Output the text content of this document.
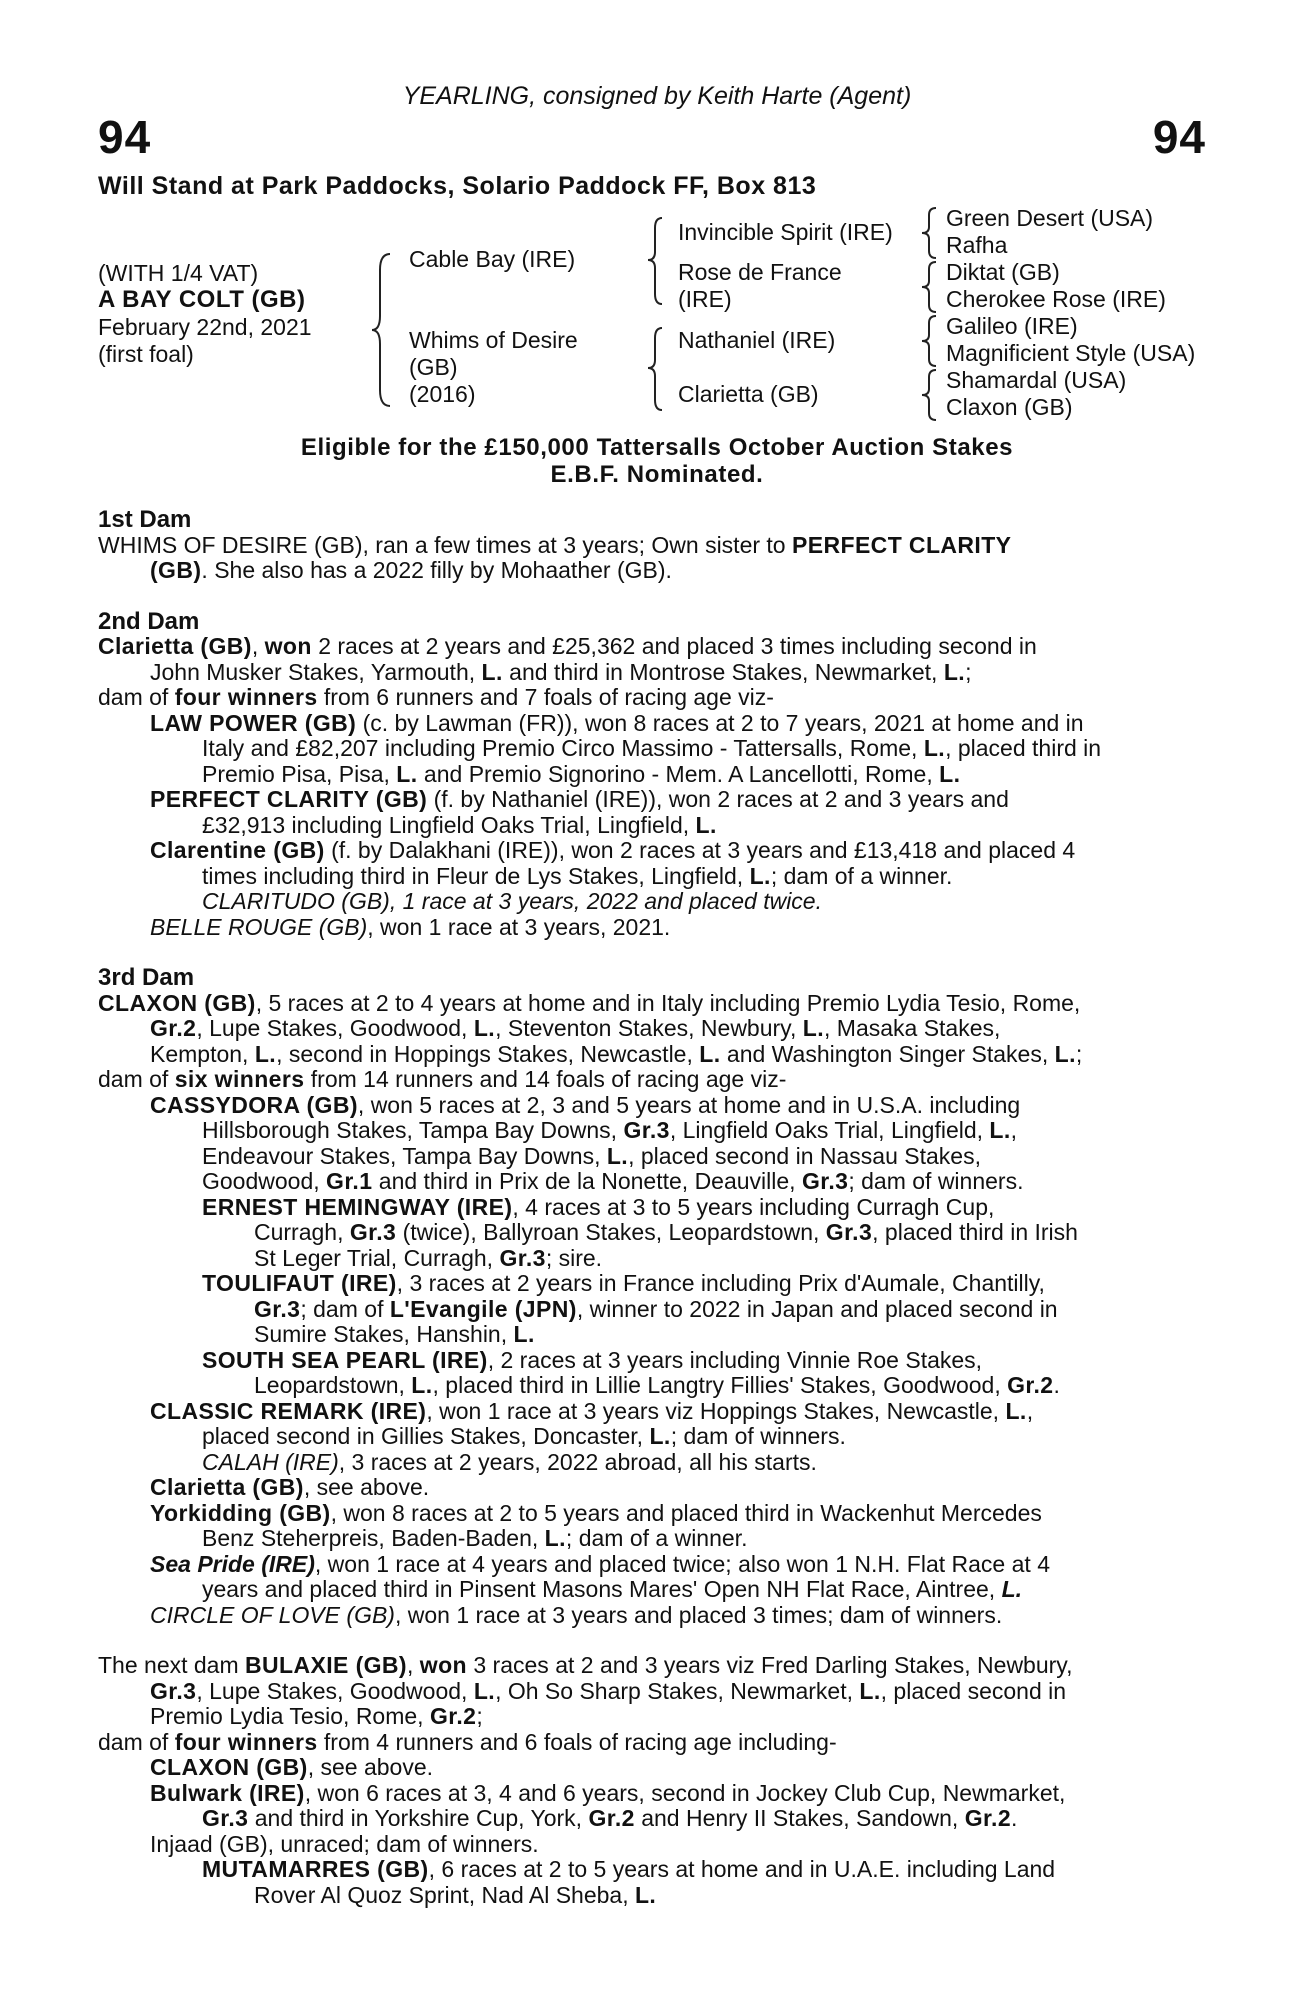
YEARLING, consigned by Keith Harte (Agent)
94	94
Will Stand at Park Paddocks, Solario Paddock FF, Box 813
(WITH 1/4 VAT)
A BAY COLT (GB)
February 22nd, 2021
(first foal)
Cable Bay (IRE)
Whims of Desire
(GB)
(2016)
Invincible Spirit (IRE)
Rose de France
(IRE)
Nathaniel (IRE)
Clarietta (GB)
Green Desert (USA)
Rafha
Diktat (GB)
Cherokee Rose (IRE)
Galileo (IRE)
Magnificient Style (USA)
Shamardal (USA)
Claxon (GB)
Eligible for the £150,000 Tattersalls October Auction Stakes
E.B.F. Nominated.

1st Dam

WHIMS OF DESIRE (GB), ran a few times at 3 years; Own sister to PERFECT CLARITY

(GB). She also has a 2022 filly by Mohaather (GB).

2nd Dam

Clarietta (GB), won 2 races at 2 years and £25,362 and placed 3 times including second in

John Musker Stakes, Yarmouth, L. and third in Montrose Stakes, Newmarket, L.;

dam of four winners from 6 runners and 7 foals of racing age viz-

LAW POWER (GB) (c. by Lawman (FR)), won 8 races at 2 to 7 years, 2021 at home and in

Italy and £82,207 including Premio Circo Massimo - Tattersalls, Rome, L., placed third in

Premio Pisa, Pisa, L. and Premio Signorino - Mem. A Lancellotti, Rome, L.

PERFECT CLARITY (GB) (f. by Nathaniel (IRE)), won 2 races at 2 and 3 years and

£32,913 including Lingfield Oaks Trial, Lingfield, L.

Clarentine (GB) (f. by Dalakhani (IRE)), won 2 races at 3 years and £13,418 and placed 4

times including third in Fleur de Lys Stakes, Lingfield, L.; dam of a winner.

CLARITUDO (GB), 1 race at 3 years, 2022 and placed twice.

BELLE ROUGE (GB), won 1 race at 3 years, 2021.

3rd Dam

CLAXON (GB), 5 races at 2 to 4 years at home and in Italy including Premio Lydia Tesio, Rome,

Gr.2, Lupe Stakes, Goodwood, L., Steventon Stakes, Newbury, L., Masaka Stakes,

Kempton, L., second in Hoppings Stakes, Newcastle, L. and Washington Singer Stakes, L.;

dam of six winners from 14 runners and 14 foals of racing age viz-

CASSYDORA (GB), won 5 races at 2, 3 and 5 years at home and in U.S.A. including

Hillsborough Stakes, Tampa Bay Downs, Gr.3, Lingfield Oaks Trial, Lingfield, L.,

Endeavour Stakes, Tampa Bay Downs, L., placed second in Nassau Stakes,

Goodwood, Gr.1 and third in Prix de la Nonette, Deauville, Gr.3; dam of winners.

ERNEST HEMINGWAY (IRE), 4 races at 3 to 5 years including Curragh Cup,

Curragh, Gr.3 (twice), Ballyroan Stakes, Leopardstown, Gr.3, placed third in Irish

St Leger Trial, Curragh, Gr.3; sire.

TOULIFAUT (IRE), 3 races at 2 years in France including Prix d'Aumale, Chantilly,

Gr.3; dam of L'Evangile (JPN), winner to 2022 in Japan and placed second in

Sumire Stakes, Hanshin, L.

SOUTH SEA PEARL (IRE), 2 races at 3 years including Vinnie Roe Stakes,

Leopardstown, L., placed third in Lillie Langtry Fillies' Stakes, Goodwood, Gr.2.

CLASSIC REMARK (IRE), won 1 race at 3 years viz Hoppings Stakes, Newcastle, L.,

placed second in Gillies Stakes, Doncaster, L.; dam of winners.

CALAH (IRE), 3 races at 2 years, 2022 abroad, all his starts.

Clarietta (GB), see above.

Yorkidding (GB), won 8 races at 2 to 5 years and placed third in Wackenhut Mercedes

Benz Steherpreis, Baden-Baden, L.; dam of a winner.

Sea Pride (IRE), won 1 race at 4 years and placed twice; also won 1 N.H. Flat Race at 4

years and placed third in Pinsent Masons Mares' Open NH Flat Race, Aintree, L.

CIRCLE OF LOVE (GB), won 1 race at 3 years and placed 3 times; dam of winners.

The next dam BULAXIE (GB), won 3 races at 2 and 3 years viz Fred Darling Stakes, Newbury,

Gr.3, Lupe Stakes, Goodwood, L., Oh So Sharp Stakes, Newmarket, L., placed second in

Premio Lydia Tesio, Rome, Gr.2;

dam of four winners from 4 runners and 6 foals of racing age including-

CLAXON (GB), see above.

Bulwark (IRE), won 6 races at 3, 4 and 6 years, second in Jockey Club Cup, Newmarket,

Gr.3 and third in Yorkshire Cup, York, Gr.2 and Henry II Stakes, Sandown, Gr.2.

Injaad (GB), unraced; dam of winners.

MUTAMARRES (GB), 6 races at 2 to 5 years at home and in U.A.E. including Land

Rover Al Quoz Sprint, Nad Al Sheba, L.
